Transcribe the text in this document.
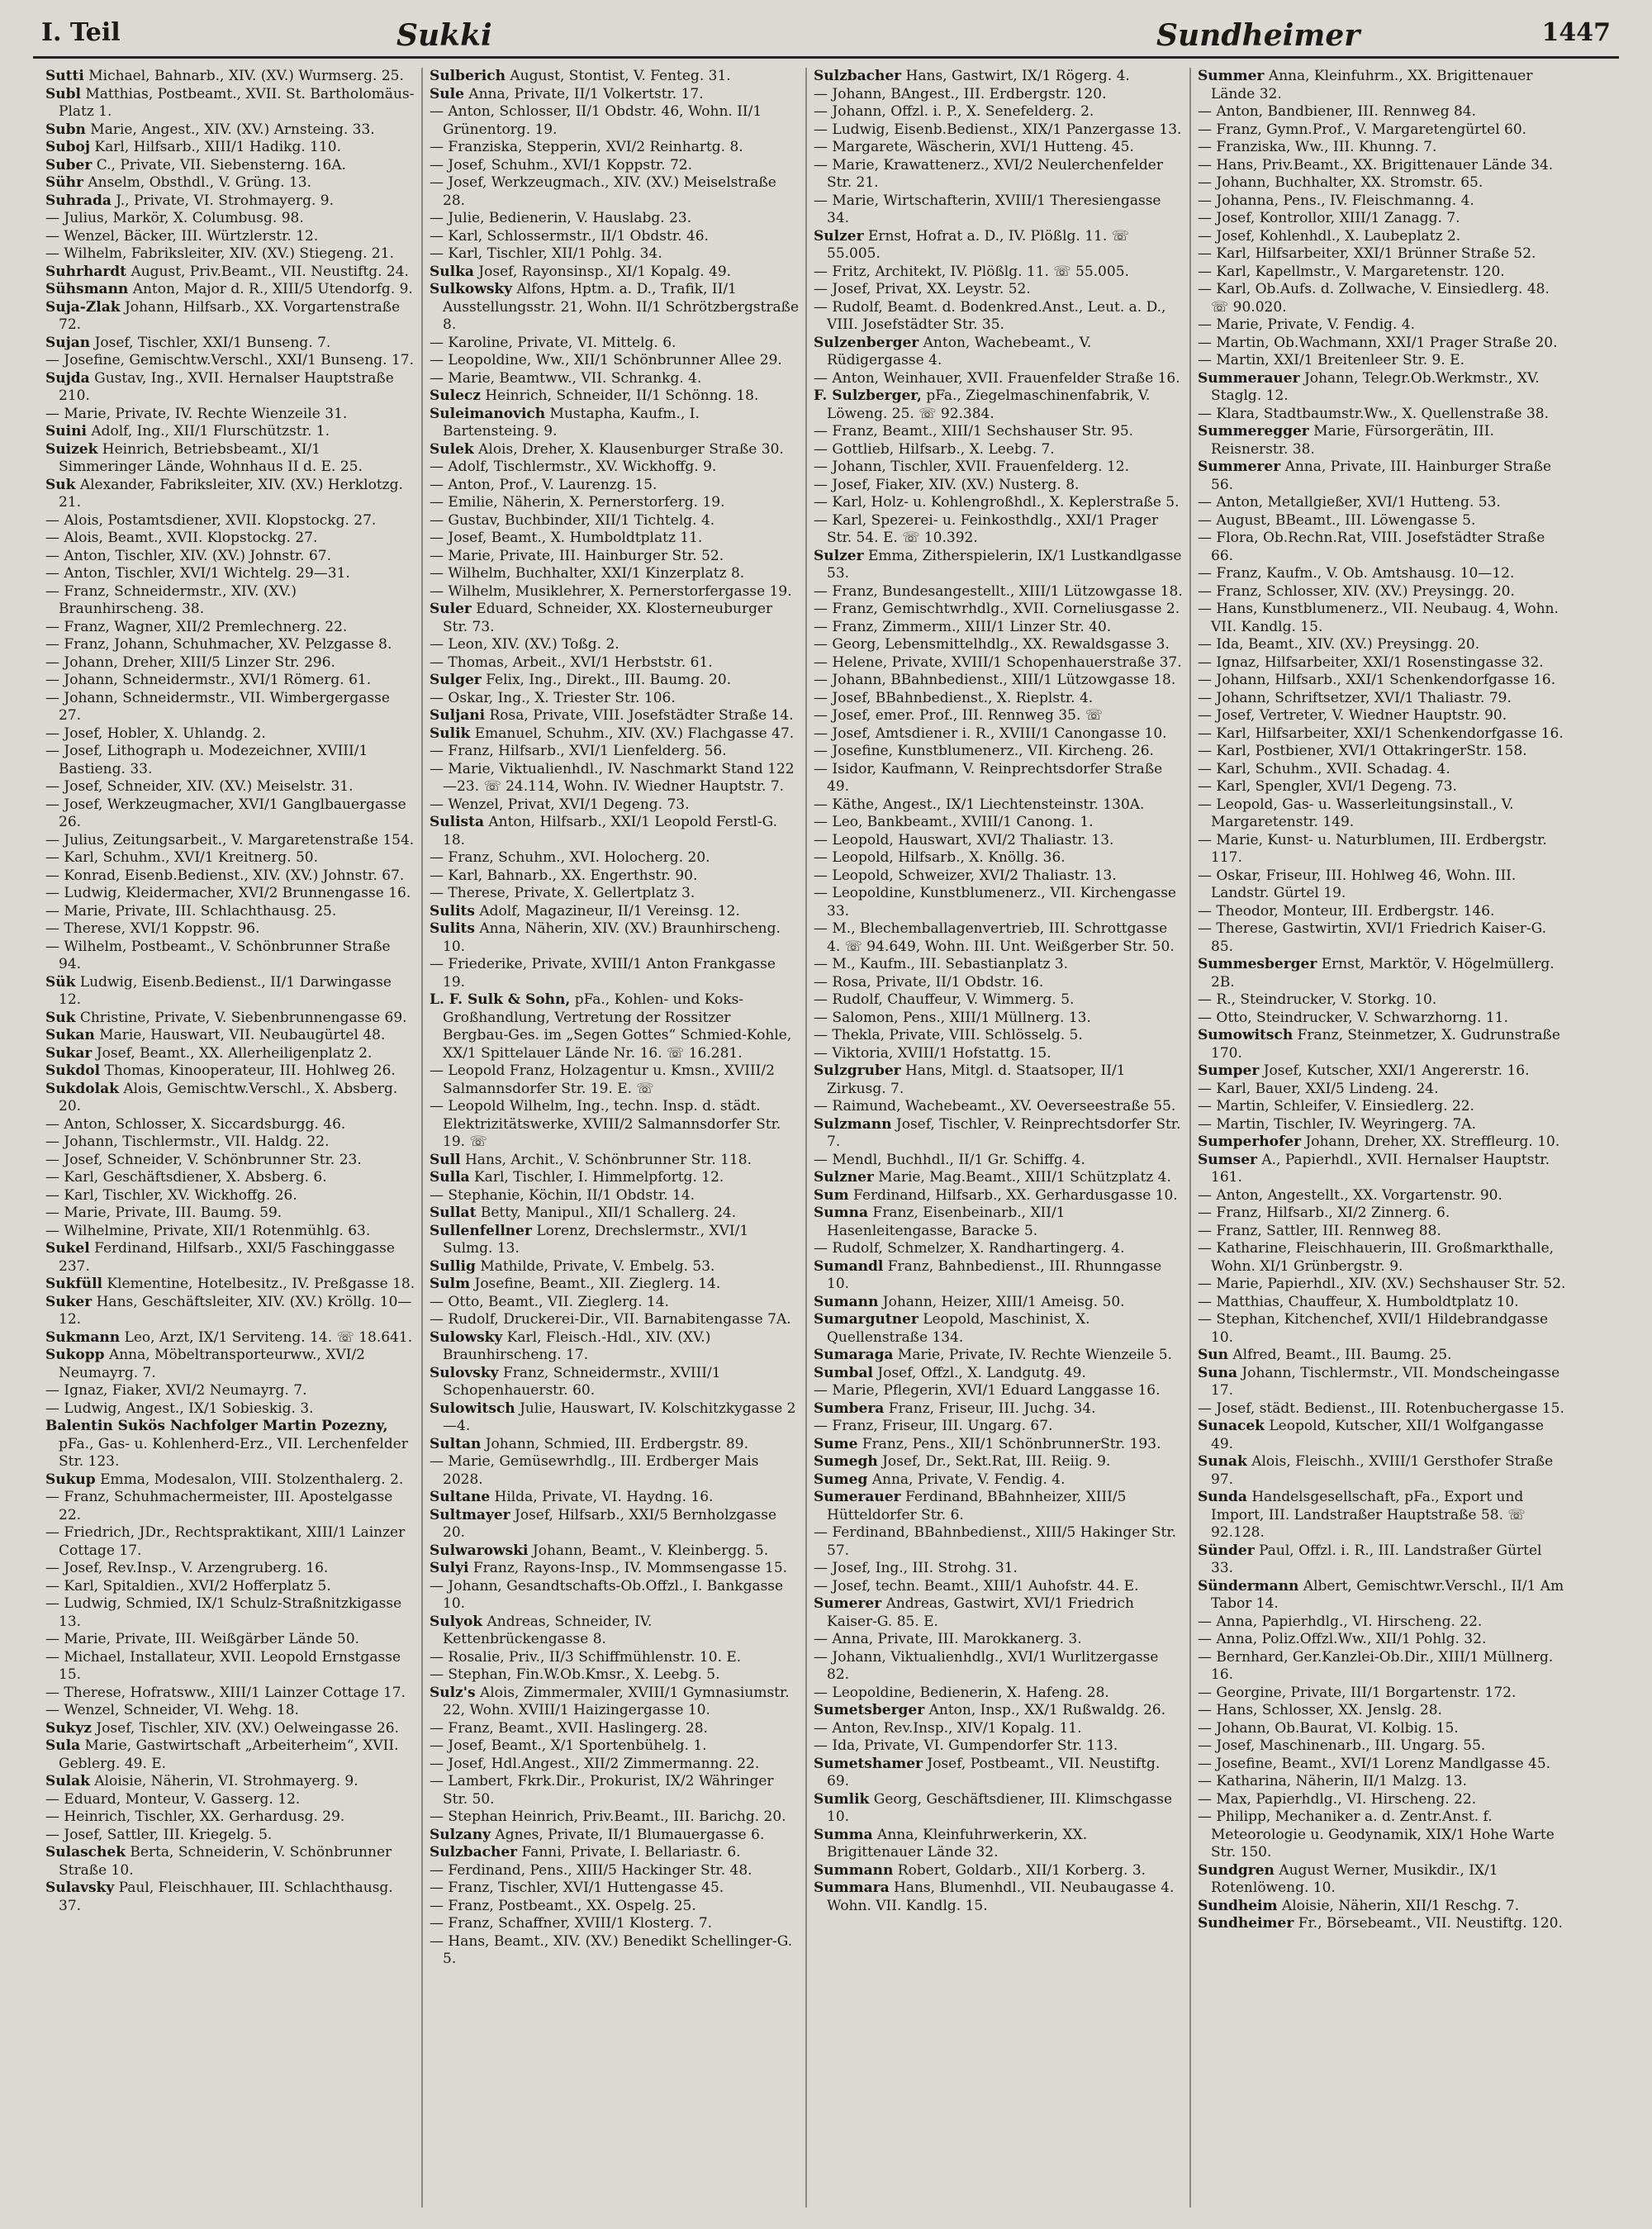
I. Teil	Sukki	Sundheimer	1447

Sutti Michael, Bahnarb., XIV. (XV.) Wurmserg. 25.

Subl Matthias, Postbeamt., XVII. St. Bartholomäus-Platz 1.

Subn Marie, Angest., XIV. (XV.) Arnsteing. 33.

Suboj Karl, Hilfsarb., XIII/1 Hadikg. 110.

Suber C., Private, VII. Siebensterng. 16A.

Sühr Anselm, Obsthdl., V. Grüng. 13.

Suhrada J., Private, VI. Strohmayerg. 9.

— Julius, Markör, X. Columbusg. 98.

— Wenzel, Bäcker, III. Würtzlerstr. 12.

— Wilhelm, Fabriksleiter, XIV. (XV.) Stiegeng. 21.

Suhrhardt August, Priv.Beamt., VII. Neustiftg. 24.

Sühsmann Anton, Major d. R., XIII/5 Utendorfg. 9.

Suja-Zlak Johann, Hilfsarb., XX. Vorgartenstraße 72.

Sujan Josef, Tischler, XXI/1 Bunseng. 7.

— Josefine, Gemischtw.Verschl., XXI/1 Bunseng. 17.

Sujda Gustav, Ing., XVII. Hernalser Hauptstraße 210.

— Marie, Private, IV. Rechte Wienzeile 31.

Suini Adolf, Ing., XII/1 Flurschützstr. 1.

Suizek Heinrich, Betriebsbeamt., XI/1 Simmeringer Lände, Wohnhaus II d. E. 25.

Suk Alexander, Fabriksleiter, XIV. (XV.) Herklotzg. 21.

— Alois, Postamtsdiener, XVII. Klopstockg. 27.

— Alois, Beamt., XVII. Klopstockg. 27.

— Anton, Tischler, XIV. (XV.) Johnstr. 67.

— Anton, Tischler, XVI/1 Wichtelg. 29—31.

— Franz, Schneidermstr., XIV. (XV.) Braunhirscheng. 38.

— Franz, Wagner, XII/2 Premlechnerg. 22.

— Franz, Johann, Schuhmacher, XV. Pelzgasse 8.

— Johann, Dreher, XIII/5 Linzer Str. 296.

— Johann, Schneidermstr., XVI/1 Römerg. 61.

— Johann, Schneidermstr., VII. Wimbergergasse 27.

— Josef, Hobler, X. Uhlandg. 2.

— Josef, Lithograph u. Modezeichner, XVIII/1 Bastieng. 33.

— Josef, Schneider, XIV. (XV.) Meiselstr. 31.

— Josef, Werkzeugmacher, XVI/1 Ganglbauergasse 26.

— Julius, Zeitungsarbeit., V. Margaretenstraße 154.

— Karl, Schuhm., XVI/1 Kreitnerg. 50.

— Konrad, Eisenb.Bedienst., XIV. (XV.) Johnstr. 67.

— Ludwig, Kleidermacher, XVI/2 Brunnengasse 16.

— Marie, Private, III. Schlachthausg. 25.

— Therese, XVI/1 Koppstr. 96.

— Wilhelm, Postbeamt., V. Schönbrunner Straße 94.

Sük Ludwig, Eisenb.Bedienst., II/1 Darwingasse 12.

Suk Christine, Private, V. Siebenbrunnengasse 69.

Sukan Marie, Hauswart, VII. Neubaugürtel 48.

Sukar Josef, Beamt., XX. Allerheiligenplatz 2.

Sukdol Thomas, Kinooperateur, III. Hohlweg 26.

Sukdolak Alois, Gemischtw.Verschl., X. Absberg. 20.

— Anton, Schlosser, X. Siccardsburgg. 46.

— Johann, Tischlermstr., VII. Haldg. 22.

— Josef, Schneider, V. Schönbrunner Str. 23.

— Karl, Geschäftsdiener, X. Absberg. 6.

— Karl, Tischler, XV. Wickhoffg. 26.

— Marie, Private, III. Baumg. 59.

— Wilhelmine, Private, XII/1 Rotenmühlg. 63.

Sukel Ferdinand, Hilfsarb., XXI/5 Faschinggasse 237.

Sukfüll Klementine, Hotelbesitz., IV. Preßgasse 18.

Suker Hans, Geschäftsleiter, XIV. (XV.) Kröllg. 10—12.

Sukmann Leo, Arzt, IX/1 Serviteng. 14. ☏ 18.641.

Sukopp Anna, Möbeltransporteurww., XVI/2 Neumayrg. 7.

— Ignaz, Fiaker, XVI/2 Neumayrg. 7.

— Ludwig, Angest., IX/1 Sobieskig. 3.

Balentin Sukös Nachfolger Martin Pozezny, pFa., Gas- u. Kohlenherd-Erz., VII. Lerchenfelder Str. 123.

Sukup Emma, Modesalon, VIII. Stolzenthalerg. 2.

— Franz, Schuhmachermeister, III. Apostelgasse 22.

— Friedrich, JDr., Rechtspraktikant, XIII/1 Lainzer Cottage 17.

— Josef, Rev.Insp., V. Arzengruberg. 16.

— Karl, Spitaldien., XVI/2 Hofferplatz 5.

— Ludwig, Schmied, IX/1 Schulz-Straßnitzkigasse 13.

— Marie, Private, III. Weißgärber Lände 50.

— Michael, Installateur, XVII. Leopold Ernstgasse 15.

— Therese, Hofratsww., XIII/1 Lainzer Cottage 17.

— Wenzel, Schneider, VI. Wehg. 18.

Sukyz Josef, Tischler, XIV. (XV.) Oelweingasse 26.

Sula Marie, Gastwirtschaft „Arbeiterheim“, XVII. Geblerg. 49. E.

Sulak Aloisie, Näherin, VI. Strohmayerg. 9.

— Eduard, Monteur, V. Gasserg. 12.

— Heinrich, Tischler, XX. Gerhardusg. 29.

— Josef, Sattler, III. Kriegelg. 5.

Sulaschek Berta, Schneiderin, V. Schönbrunner Straße 10.

Sulavsky Paul, Fleischhauer, III. Schlachthausg. 37.

Sulberich August, Stontist, V. Fenteg. 31.

Sule Anna, Private, II/1 Volkertstr. 17.

— Anton, Schlosser, II/1 Obdstr. 46, Wohn. II/1 Grünentorg. 19.

— Franziska, Stepperin, XVI/2 Reinhartg. 8.

— Josef, Schuhm., XVI/1 Koppstr. 72.

— Josef, Werkzeugmach., XIV. (XV.) Meiselstraße 28.

— Julie, Bedienerin, V. Hauslabg. 23.

— Karl, Schlossermstr., II/1 Obdstr. 46.

— Karl, Tischler, XII/1 Pohlg. 34.

Sulka Josef, Rayonsinsp., XI/1 Kopalg. 49.

Sulkowsky Alfons, Hptm. a. D., Trafik, II/1 Ausstellungsstr. 21, Wohn. II/1 Schrötzbergstraße 8.

— Karoline, Private, VI. Mittelg. 6.

— Leopoldine, Ww., XII/1 Schönbrunner Allee 29.

— Marie, Beamtww., VII. Schrankg. 4.

Sulecz Heinrich, Schneider, II/1 Schönng. 18.

Suleimanovich Mustapha, Kaufm., I. Bartensteing. 9.

Sulek Alois, Dreher, X. Klausenburger Straße 30.

— Adolf, Tischlermstr., XV. Wickhoffg. 9.

— Anton, Prof., V. Laurenzg. 15.

— Emilie, Näherin, X. Pernerstorferg. 19.

— Gustav, Buchbinder, XII/1 Tichtelg. 4.

— Josef, Beamt., X. Humboldtplatz 11.

— Marie, Private, III. Hainburger Str. 52.

— Wilhelm, Buchhalter, XXI/1 Kinzerplatz 8.

— Wilhelm, Musiklehrer, X. Pernerstorfergasse 19.

Suler Eduard, Schneider, XX. Klosterneuburger Str. 73.

— Leon, XIV. (XV.) Toßg. 2.

— Thomas, Arbeit., XVI/1 Herbststr. 61.

Sulger Felix, Ing., Direkt., III. Baumg. 20.

— Oskar, Ing., X. Triester Str. 106.

Suljani Rosa, Private, VIII. Josefstädter Straße 14.

Sulik Emanuel, Schuhm., XIV. (XV.) Flachgasse 47.

— Franz, Hilfsarb., XVI/1 Lienfelderg. 56.

— Marie, Viktualienhdl., IV. Naschmarkt Stand 122—23. ☏ 24.114, Wohn. IV. Wiedner Hauptstr. 7.

— Wenzel, Privat, XVI/1 Degeng. 73.

Sulista Anton, Hilfsarb., XXI/1 Leopold Ferstl-G. 18.

— Franz, Schuhm., XVI. Holocherg. 20.

— Karl, Bahnarb., XX. Engerthstr. 90.

— Therese, Private, X. Gellertplatz 3.

Sulits Adolf, Magazineur, II/1 Vereinsg. 12.

Sulits Anna, Näherin, XIV. (XV.) Braunhirscheng. 10.

— Friederike, Private, XVIII/1 Anton Frankgasse 19.

L. F. Sulk & Sohn, pFa., Kohlen- und Koks-Großhandlung, Vertretung der Rossitzer Bergbau-Ges. im „Segen Gottes“ Schmied-Kohle, XX/1 Spittelauer Lände Nr. 16. ☏ 16.281.

— Leopold Franz, Holzagentur u. Kmsn., XVIII/2 Salmannsdorfer Str. 19. E. ☏

— Leopold Wilhelm, Ing., techn. Insp. d. städt. Elektrizitätswerke, XVIII/2 Salmannsdorfer Str. 19. ☏

Sull Hans, Archit., V. Schönbrunner Str. 118.

Sulla Karl, Tischler, I. Himmelpfortg. 12.

— Stephanie, Köchin, II/1 Obdstr. 14.

Sullat Betty, Manipul., XII/1 Schallerg. 24.

Sullenfellner Lorenz, Drechslermstr., XVI/1 Sulmg. 13.

Sullig Mathilde, Private, V. Embelg. 53.

Sulm Josefine, Beamt., XII. Zieglerg. 14.

— Otto, Beamt., VII. Zieglerg. 14.

— Rudolf, Druckerei-Dir., VII. Barnabitengasse 7A.

Sulowsky Karl, Fleisch.-Hdl., XIV. (XV.) Braunhirscheng. 17.

Sulovsky Franz, Schneidermstr., XVIII/1 Schopenhauerstr. 60.

Sulowitsch Julie, Hauswart, IV. Kolschitzkygasse 2—4.

Sultan Johann, Schmied, III. Erdbergstr. 89.

— Marie, Gemüsewrhdlg., III. Erdberger Mais 2028.

Sultane Hilda, Private, VI. Haydng. 16.

Sultmayer Josef, Hilfsarb., XXI/5 Bernholzgasse 20.

Sulwarowski Johann, Beamt., V. Kleinbergg. 5.

Sulyi Franz, Rayons-Insp., IV. Mommsengasse 15.

— Johann, Gesandtschafts-Ob.Offzl., I. Bankgasse 10.

Sulyok Andreas, Schneider, IV. Kettenbrückengasse 8.

— Rosalie, Priv., II/3 Schiffmühlenstr. 10. E.

— Stephan, Fin.W.Ob.Kmsr., X. Leebg. 5.

Sulz's Alois, Zimmermaler, XVIII/1 Gymnasiumstr. 22, Wohn. XVIII/1 Haizingergasse 10.

— Franz, Beamt., XVII. Haslingerg. 28.

— Josef, Beamt., X/1 Sportenbühelg. 1.

— Josef, Hdl.Angest., XII/2 Zimmermanng. 22.

— Lambert, Fkrk.Dir., Prokurist, IX/2 Währinger Str. 50.

— Stephan Heinrich, Priv.Beamt., III. Barichg. 20.

Sulzany Agnes, Private, II/1 Blumauergasse 6.

Sulzbacher Fanni, Private, I. Bellariastr. 6.

— Ferdinand, Pens., XIII/5 Hackinger Str. 48.

— Franz, Tischler, XVI/1 Huttengasse 45.

— Franz, Postbeamt., XX. Ospelg. 25.

— Franz, Schaffner, XVIII/1 Klosterg. 7.

— Hans, Beamt., XIV. (XV.) Benedikt Schellinger-G. 5.

Sulzbacher Hans, Gastwirt, IX/1 Rögerg. 4.

— Johann, BAngest., III. Erdbergstr. 120.

— Johann, Offzl. i. P., X. Senefelderg. 2.

— Ludwig, Eisenb.Bedienst., XIX/1 Panzergasse 13.

— Margarete, Wäscherin, XVI/1 Hutteng. 45.

— Marie, Krawattenerz., XVI/2 Neulerchenfelder Str. 21.

— Marie, Wirtschafterin, XVIII/1 Theresiengasse 34.

Sulzer Ernst, Hofrat a. D., IV. Plößlg. 11. ☏ 55.005.

— Fritz, Architekt, IV. Plößlg. 11. ☏ 55.005.

— Josef, Privat, XX. Leystr. 52.

— Rudolf, Beamt. d. Bodenkred.Anst., Leut. a. D., VIII. Josefstädter Str. 35.

Sulzenberger Anton, Wachebeamt., V. Rüdigergasse 4.

— Anton, Weinhauer, XVII. Frauenfelder Straße 16.

F. Sulzberger, pFa., Ziegelmaschinenfabrik, V. Löweng. 25. ☏ 92.384.

— Franz, Beamt., XIII/1 Sechshauser Str. 95.

— Gottlieb, Hilfsarb., X. Leebg. 7.

— Johann, Tischler, XVII. Frauenfelderg. 12.

— Josef, Fiaker, XIV. (XV.) Nusterg. 8.

— Karl, Holz- u. Kohlengroßhdl., X. Keplerstraße 5.

— Karl, Spezerei- u. Feinkosthdlg., XXI/1 Prager Str. 54. E. ☏ 10.392.

Sulzer Emma, Zitherspielerin, IX/1 Lustkandlgasse 53.

— Franz, Bundesangestellt., XIII/1 Lützowgasse 18.

— Franz, Gemischtwrhdlg., XVII. Corneliusgasse 2.

— Franz, Zimmerm., XIII/1 Linzer Str. 40.

— Georg, Lebensmittelhdlg., XX. Rewaldsgasse 3.

— Helene, Private, XVIII/1 Schopenhauerstraße 37.

— Johann, BBahnbedienst., XIII/1 Lützowgasse 18.

— Josef, BBahnbedienst., X. Rieplstr. 4.

— Josef, emer. Prof., III. Rennweg 35. ☏

— Josef, Amtsdiener i. R., XVIII/1 Canongasse 10.

— Josefine, Kunstblumenerz., VII. Kircheng. 26.

— Isidor, Kaufmann, V. Reinprechtsdorfer Straße 49.

— Käthe, Angest., IX/1 Liechtensteinstr. 130A.

— Leo, Bankbeamt., XVIII/1 Canong. 1.

— Leopold, Hauswart, XVI/2 Thaliastr. 13.

— Leopold, Hilfsarb., X. Knöllg. 36.

— Leopold, Schweizer, XVI/2 Thaliastr. 13.

— Leopoldine, Kunstblumenerz., VII. Kirchengasse 33.

— M., Blechemballagenvertrieb, III. Schrottgasse 4. ☏ 94.649, Wohn. III. Unt. Weißgerber Str. 50.

— M., Kaufm., III. Sebastianplatz 3.

— Rosa, Private, II/1 Obdstr. 16.

— Rudolf, Chauffeur, V. Wimmerg. 5.

— Salomon, Pens., XIII/1 Müllnerg. 13.

— Thekla, Private, VIII. Schlösselg. 5.

— Viktoria, XVIII/1 Hofstattg. 15.

Sulzgruber Hans, Mitgl. d. Staatsoper, II/1 Zirkusg. 7.

— Raimund, Wachebeamt., XV. Oeverseestraße 55.

Sulzmann Josef, Tischler, V. Reinprechtsdorfer Str. 7.

— Mendl, Buchhdl., II/1 Gr. Schiffg. 4.

Sulzner Marie, Mag.Beamt., XIII/1 Schützplatz 4.

Sum Ferdinand, Hilfsarb., XX. Gerhardusgasse 10.

Sumna Franz, Eisenbeinarb., XII/1 Hasenleitengasse, Baracke 5.

— Rudolf, Schmelzer, X. Randhartingerg. 4.

Sumandl Franz, Bahnbedienst., III. Rhunngasse 10.

Sumann Johann, Heizer, XIII/1 Ameisg. 50.

Sumargutner Leopold, Maschinist, X. Quellenstraße 134.

Sumaraga Marie, Private, IV. Rechte Wienzeile 5.

Sumbal Josef, Offzl., X. Landgutg. 49.

— Marie, Pflegerin, XVI/1 Eduard Langgasse 16.

Sumbera Franz, Friseur, III. Juchg. 34.

— Franz, Friseur, III. Ungarg. 67.

Sume Franz, Pens., XII/1 SchönbrunnerStr. 193.

Sumegh Josef, Dr., Sekt.Rat, III. Reiig. 9.

Sumeg Anna, Private, V. Fendig. 4.

Sumerauer Ferdinand, BBahnheizer, XIII/5 Hütteldorfer Str. 6.

— Ferdinand, BBahnbedienst., XIII/5 Hakinger Str. 57.

— Josef, Ing., III. Strohg. 31.

— Josef, techn. Beamt., XIII/1 Auhofstr. 44. E.

Sumerer Andreas, Gastwirt, XVI/1 Friedrich Kaiser-G. 85. E.

— Anna, Private, III. Marokkanerg. 3.

— Johann, Viktualienhdlg., XVI/1 Wurlitzergasse 82.

— Leopoldine, Bedienerin, X. Hafeng. 28.

Sumetsberger Anton, Insp., XX/1 Rußwaldg. 26.

— Anton, Rev.Insp., XIV/1 Kopalg. 11.

— Ida, Private, VI. Gumpendorfer Str. 113.

Sumetshamer Josef, Postbeamt., VII. Neustiftg. 69.

Sumlik Georg, Geschäftsdiener, III. Klimschgasse 10.

Summa Anna, Kleinfuhrwerkerin, XX. Brigittenauer Lände 32.

Summann Robert, Goldarb., XII/1 Korberg. 3.

Summara Hans, Blumenhdl., VII. Neubaugasse 4. Wohn. VII. Kandlg. 15.

Summer Anna, Kleinfuhrm., XX. Brigittenauer Lände 32.

— Anton, Bandbiener, III. Rennweg 84.

— Franz, Gymn.Prof., V. Margaretengürtel 60.

— Franziska, Ww., III. Khunng. 7.

— Hans, Priv.Beamt., XX. Brigittenauer Lände 34.

— Johann, Buchhalter, XX. Stromstr. 65.

— Johanna, Pens., IV. Fleischmanng. 4.

— Josef, Kontrollor, XIII/1 Zanagg. 7.

— Josef, Kohlenhdl., X. Laubeplatz 2.

— Karl, Hilfsarbeiter, XXI/1 Brünner Straße 52.

— Karl, Kapellmstr., V. Margaretenstr. 120.

— Karl, Ob.Aufs. d. Zollwache, V. Einsiedlerg. 48. ☏ 90.020.

— Marie, Private, V. Fendig. 4.

— Martin, Ob.Wachmann, XXI/1 Prager Straße 20.

— Martin, XXI/1 Breitenleer Str. 9. E.

Summerauer Johann, Telegr.Ob.Werkmstr., XV. Staglg. 12.

— Klara, Stadtbaumstr.Ww., X. Quellenstraße 38.

Summeregger Marie, Fürsorgerätin, III. Reisnerstr. 38.

Summerer Anna, Private, III. Hainburger Straße 56.

— Anton, Metallgießer, XVI/1 Hutteng. 53.

— August, BBeamt., III. Löwengasse 5.

— Flora, Ob.Rechn.Rat, VIII. Josefstädter Straße 66.

— Franz, Kaufm., V. Ob. Amtshausg. 10—12.

— Franz, Schlosser, XIV. (XV.) Preysingg. 20.

— Hans, Kunstblumenerz., VII. Neubaug. 4, Wohn. VII. Kandlg. 15.

— Ida, Beamt., XIV. (XV.) Preysingg. 20.

— Ignaz, Hilfsarbeiter, XXI/1 Rosenstingasse 32.

— Johann, Hilfsarb., XXI/1 Schenkendorfgasse 16.

— Johann, Schriftsetzer, XVI/1 Thaliastr. 79.

— Josef, Vertreter, V. Wiedner Hauptstr. 90.

— Karl, Hilfsarbeiter, XXI/1 Schenkendorfgasse 16.

— Karl, Postbiener, XVI/1 OttakringerStr. 158.

— Karl, Schuhm., XVII. Schadag. 4.

— Karl, Spengler, XVI/1 Degeng. 73.

— Leopold, Gas- u. Wasserleitungsinstall., V. Margaretenstr. 149.

— Marie, Kunst- u. Naturblumen, III. Erdbergstr. 117.

— Oskar, Friseur, III. Hohlweg 46, Wohn. III. Landstr. Gürtel 19.

— Theodor, Monteur, III. Erdbergstr. 146.

— Therese, Gastwirtin, XVI/1 Friedrich Kaiser-G. 85.

Summesberger Ernst, Marktör, V. Högelmüllerg. 2B.

— R., Steindrucker, V. Storkg. 10.

— Otto, Steindrucker, V. Schwarzhorng. 11.

Sumowitsch Franz, Steinmetzer, X. Gudrunstraße 170.

Sumper Josef, Kutscher, XXI/1 Angererstr. 16.

— Karl, Bauer, XXI/5 Lindeng. 24.

— Martin, Schleifer, V. Einsiedlerg. 22.

— Martin, Tischler, IV. Weyringerg. 7A.

Sumperhofer Johann, Dreher, XX. Strefflеurg. 10.

Sumser A., Papierhdl., XVII. Hernalser Hauptstr. 161.

— Anton, Angestellt., XX. Vorgartenstr. 90.

— Franz, Hilfsarb., XI/2 Zinnerg. 6.

— Franz, Sattler, III. Rennweg 88.

— Katharine, Fleischhauerin, III. Großmarkthalle, Wohn. XI/1 Grünbergstr. 9.

— Marie, Papierhdl., XIV. (XV.) Sechshauser Str. 52.

— Matthias, Chauffeur, X. Humboldtplatz 10.

— Stephan, Kitchenchef, XVII/1 Hildebrandgasse 10.

Sun Alfred, Beamt., III. Baumg. 25.

Suna Johann, Tischlermstr., VII. Mondscheingasse 17.

— Josef, städt. Bedienst., III. Rotenbuchergasse 15.

Sunacek Leopold, Kutscher, XII/1 Wolfgangasse 49.

Sunak Alois, Fleischh., XVIII/1 Gersthofer Straße 97.

Sunda Handelsgesellschaft, pFa., Export und Import, III. Landstraßer Hauptstraße 58. ☏ 92.128.

Sünder Paul, Offzl. i. R., III. Landstraßer Gürtel 33.

Sündermann Albert, Gemischtwr.Verschl., II/1 Am Tabor 14.

— Anna, Papierhdlg., VI. Hirscheng. 22.

— Anna, Poliz.Offzl.Ww., XII/1 Pohlg. 32.

— Bernhard, Ger.Kanzlei-Ob.Dir., XIII/1 Müllnerg. 16.

— Georgine, Private, III/1 Borgartenstr. 172.

— Hans, Schlosser, XX. Jenslg. 28.

— Johann, Ob.Baurat, VI. Kolbig. 15.

— Josef, Maschinenarb., III. Ungarg. 55.

— Josefine, Beamt., XVI/1 Lorenz Mandlgasse 45.

— Katharina, Näherin, II/1 Malzg. 13.

— Max, Papierhdlg., VI. Hirscheng. 22.

— Philipp, Mechaniker a. d. Zentr.Anst. f. Meteorologie u. Geodynamik, XIX/1 Hohe Warte Str. 150.

Sundgren August Werner, Musikdir., IX/1 Rotenlöweng. 10.

Sundheim Aloisie, Näherin, XII/1 Reschg. 7.

Sundheimer Fr., Börsebeamt., VII. Neustiftg. 120.
